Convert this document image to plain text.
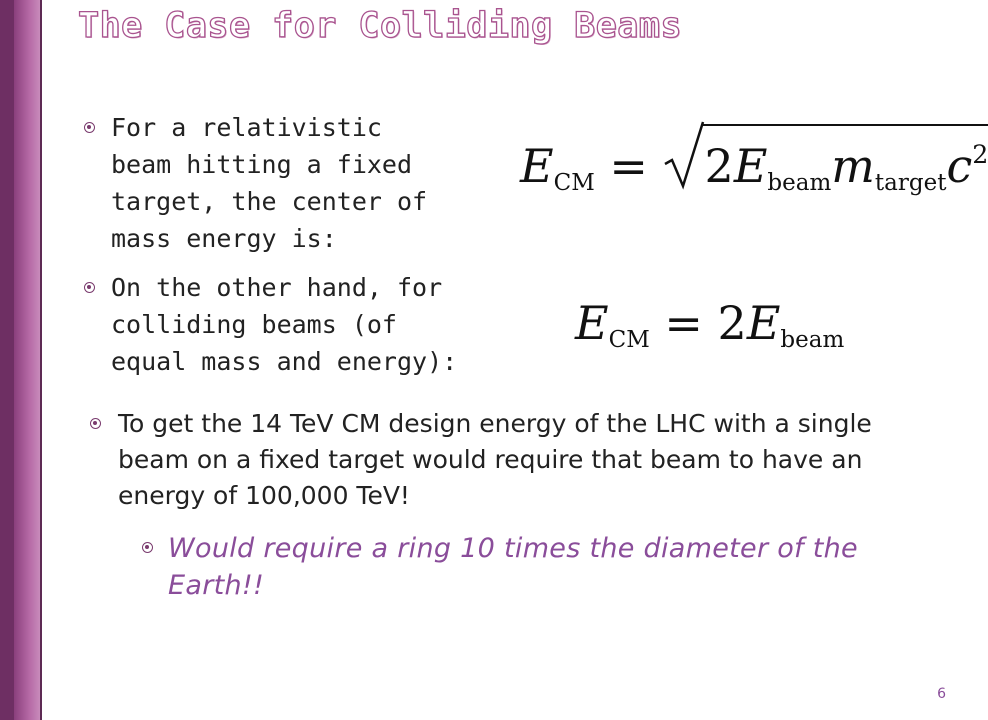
The Case for Colliding Beams
For a relativistic beam hitting a fixed target, the center of mass energy is:
$E_{CM} = 2E_{beam}m_{target}c^2$
On the other hand, for colliding beams (of equal mass and energy):
$E_{CM} = 2E_{beam}$
To get the 14 TeV CM design energy of the LHC with a single beam on a fixed target would require that beam to have an energy of 100,000 TeV!
Would require a ring 10 times the diameter of the Earth!!
6
